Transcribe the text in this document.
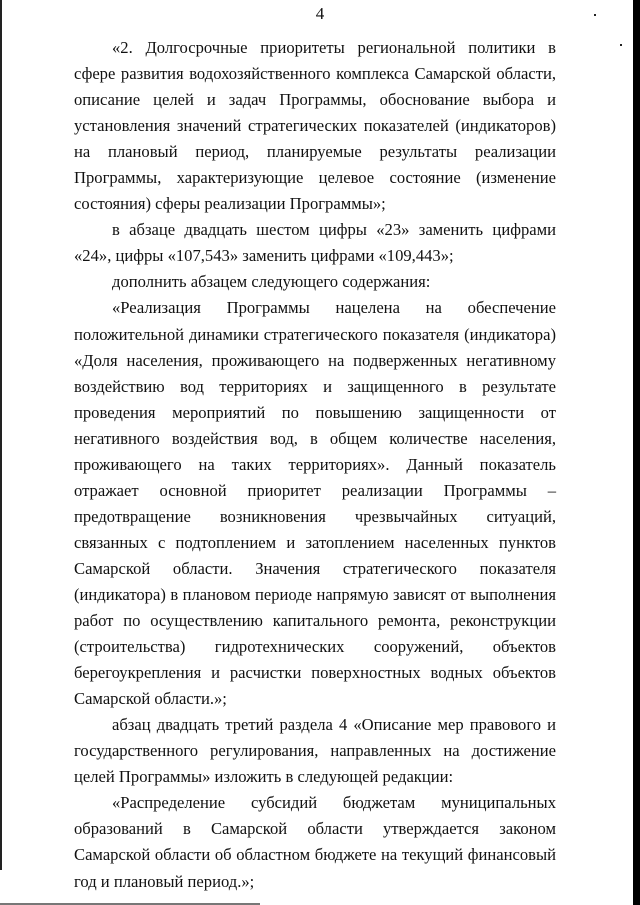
4

«2. Долгосрочные приоритеты региональной политики в сфере развития водохозяйственного комплекса Самарской области, описание целей и задач Программы, обоснование выбора и установления значений стратегических показателей (индикаторов) на плановый период, планируемые результаты реализации Программы, характеризующие целевое состояние (изменение состояния) сферы реализации Программы»;

в абзаце двадцать шестом цифры «23» заменить цифрами «24», цифры «107,543» заменить цифрами «109,443»;

дополнить абзацем следующего содержания:

«Реализация Программы нацелена на обеспечение положительной динамики стратегического показателя (индикатора) «Доля населения, проживающего на подверженных негативному воздействию вод территориях и защищенного в результате проведения мероприятий по повышению защищенности от негативного воздействия вод, в общем количестве населения, проживающего на таких территориях». Данный показатель отражает основной приоритет реализации Программы – предотвращение возникновения чрезвычайных ситуаций, связанных с подтоплением и затоплением населенных пунктов Самарской области. Значения стратегического показателя (индикатора) в плановом периоде напрямую зависят от выполнения работ по осуществлению капитального ремонта, реконструкции (строительства) гидротехнических сооружений, объектов берегоукрепления и расчистки поверхностных водных объектов Самарской области.»;

абзац двадцать третий раздела 4 «Описание мер правового и государственного регулирования, направленных на достижение целей Программы» изложить в следующей редакции:

«Распределение субсидий бюджетам муниципальных образований в Самарской области утверждается законом Самарской области об областном бюджете на текущий финансовый год и плановый период.»;
